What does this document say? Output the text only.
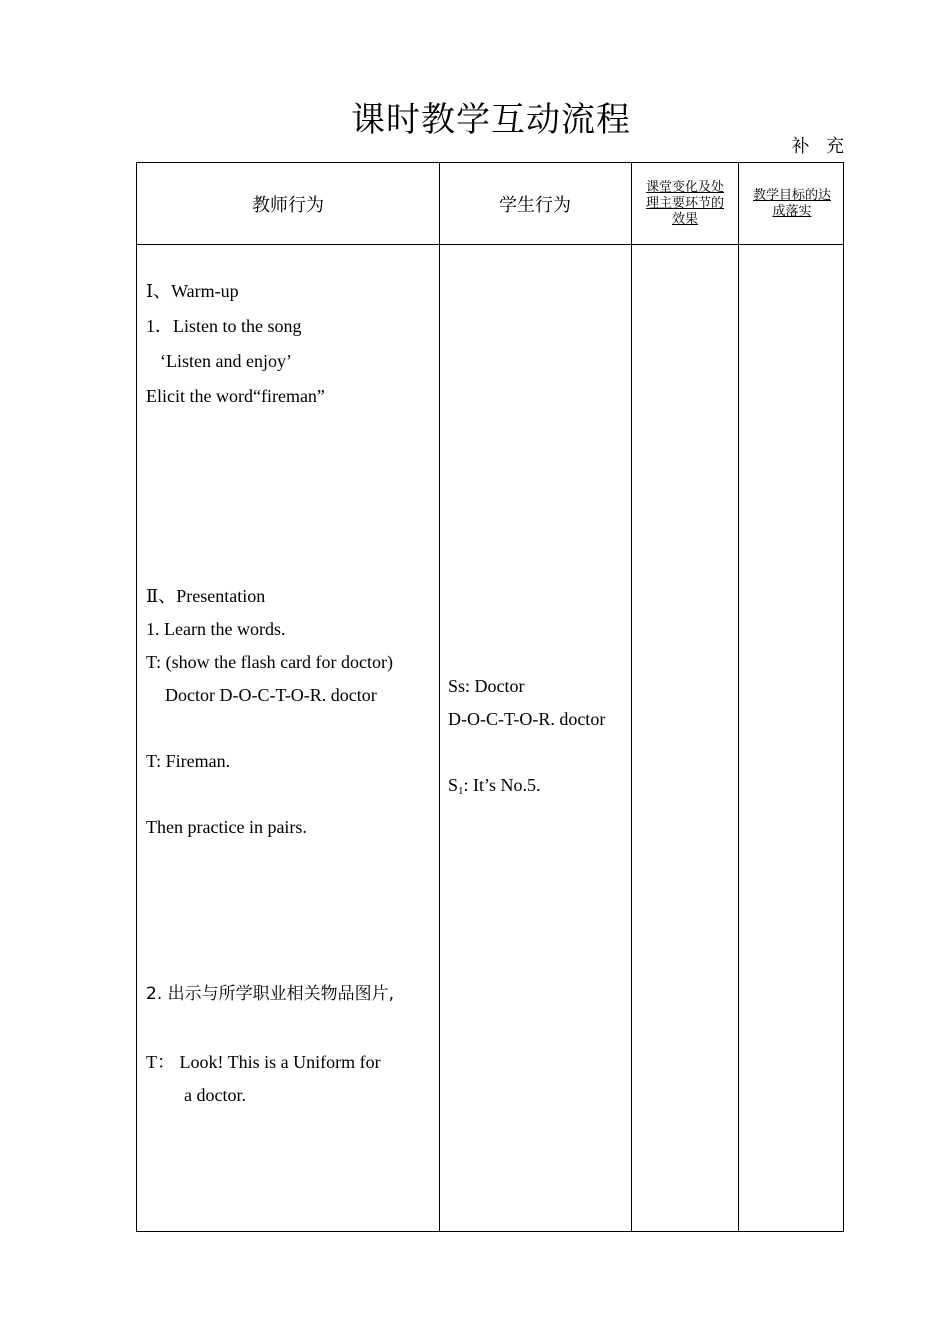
课时教学互动流程
补 充
教师行为	学生行为
课堂变化及处理主要环节的效果
教学目标的达成落实
Ⅰ、Warm-up
1．Listen to the song
‘Listen and enjoy’
Elicit the word“fireman”
Ⅱ、Presentation
1. Learn the words.
T: (show the flash card for doctor)
Doctor D-O-C-T-O-R. doctor
T: Fireman.
Then practice in pairs.
2. 出示与所学职业相关物品图片,
T： Look! This is a Uniform for
a doctor.
Ss: Doctor
D-O-C-T-O-R. doctor
$S_1$: It’s No.5.
